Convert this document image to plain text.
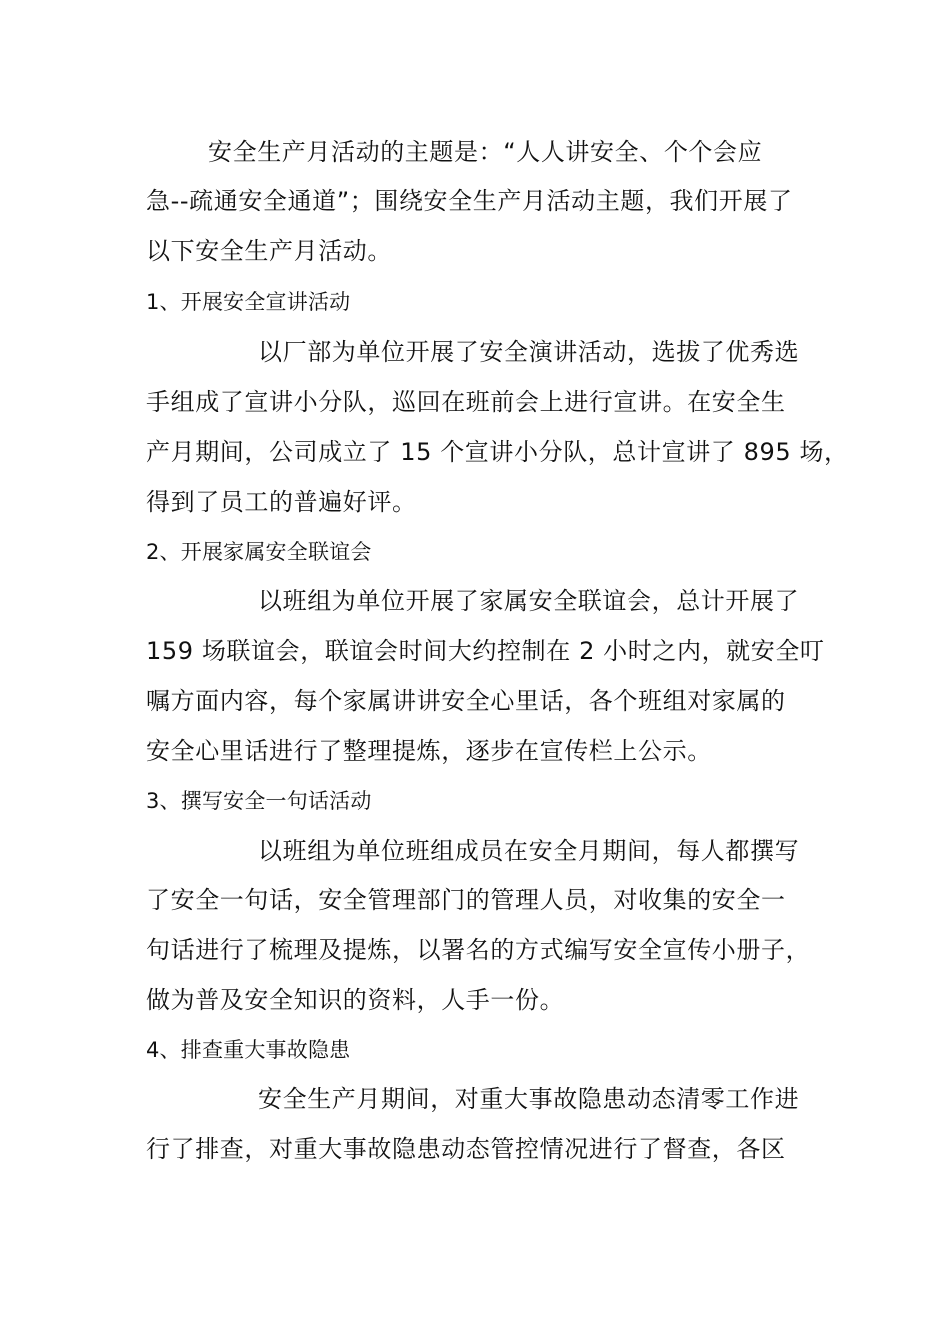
安全生产月活动的主题是：“人人讲安全、个个会应
急--疏通安全通道”；围绕安全生产月活动主题，我们开展了
以下安全生产月活动。
1、开展安全宣讲活动
以厂部为单位开展了安全演讲活动，选拔了优秀选
手组成了宣讲小分队，巡回在班前会上进行宣讲。在安全生
产月期间，公司成立了 15 个宣讲小分队，总计宣讲了 895 场，
得到了员工的普遍好评。
2、开展家属安全联谊会
以班组为单位开展了家属安全联谊会，总计开展了
159 场联谊会，联谊会时间大约控制在 2 小时之内，就安全叮
嘱方面内容，每个家属讲讲安全心里话，各个班组对家属的
安全心里话进行了整理提炼，逐步在宣传栏上公示。
3、撰写安全一句话活动
以班组为单位班组成员在安全月期间，每人都撰写
了安全一句话，安全管理部门的管理人员，对收集的安全一
句话进行了梳理及提炼，以署名的方式编写安全宣传小册子，
做为普及安全知识的资料，人手一份。
4、排查重大事故隐患
安全生产月期间，对重大事故隐患动态清零工作进
行了排查，对重大事故隐患动态管控情况进行了督查，各区
